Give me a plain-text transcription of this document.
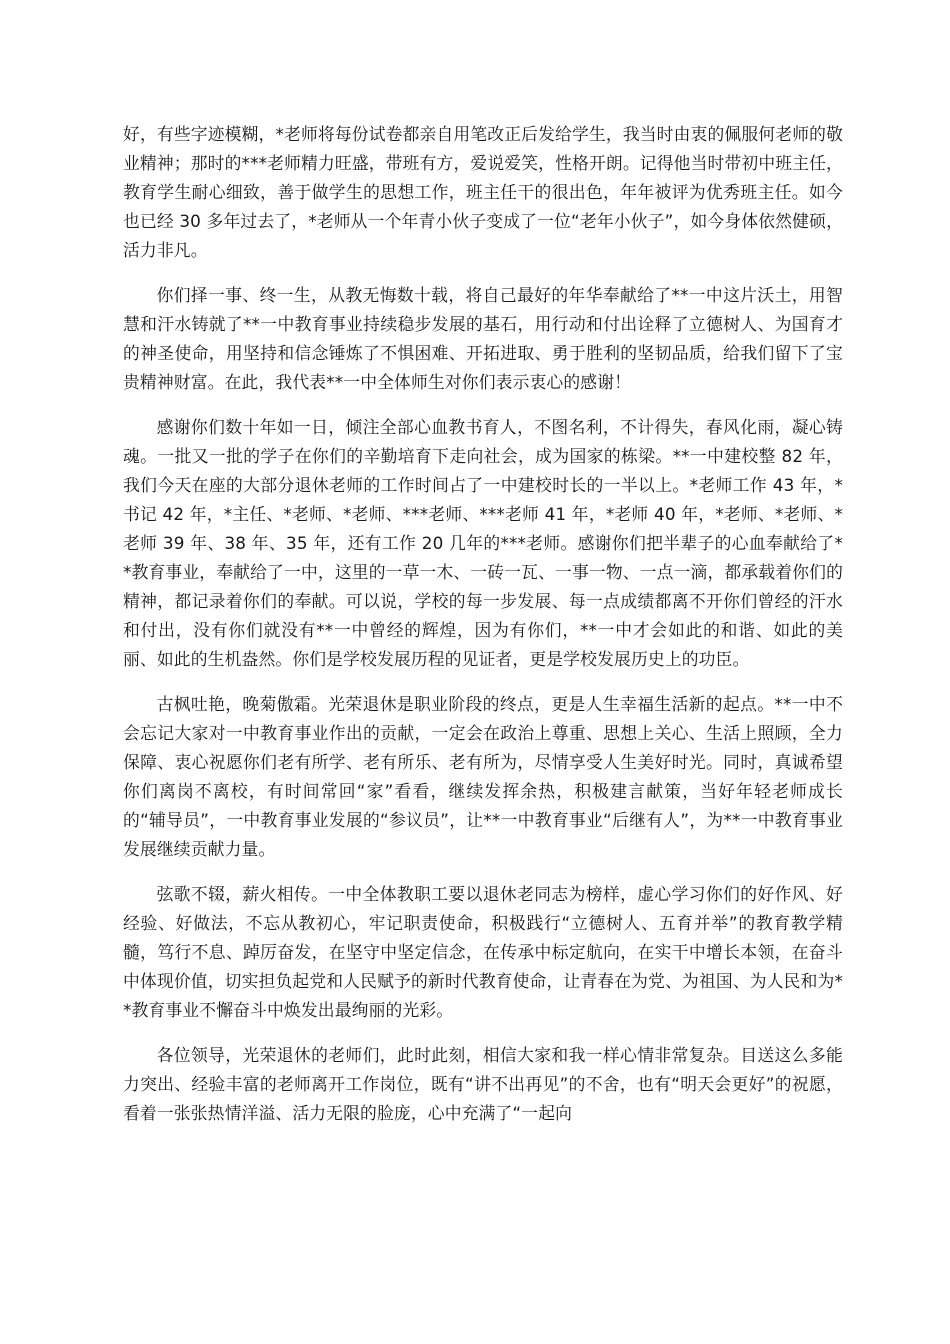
好，有些字迹模糊，*老师将每份试卷都亲自用笔改正后发给学生，我当时由衷的佩服何老师的敬业精神；那时的***老师精力旺盛，带班有方，爱说爱笑，性格开朗。记得他当时带初中班主任，教育学生耐心细致，善于做学生的思想工作，班主任干的很出色，年年被评为优秀班主任。如今也已经 30 多年过去了，*老师从一个年青小伙子变成了一位“老年小伙子”，如今身体依然健硕，活力非凡。

你们择一事、终一生，从教无悔数十载，将自己最好的年华奉献给了**一中这片沃土，用智慧和汗水铸就了**一中教育事业持续稳步发展的基石，用行动和付出诠释了立德树人、为国育才的神圣使命，用坚持和信念锤炼了不惧困难、开拓进取、勇于胜利的坚韧品质，给我们留下了宝贵精神财富。在此，我代表**一中全体师生对你们表示衷心的感谢！

感谢你们数十年如一日，倾注全部心血教书育人，不图名利，不计得失，春风化雨，凝心铸魂。一批又一批的学子在你们的辛勤培育下走向社会，成为国家的栋梁。**一中建校整 82 年，我们今天在座的大部分退休老师的工作时间占了一中建校时长的一半以上。*老师工作 43 年，*书记 42 年，*主任、*老师、*老师、***老师、***老师 41 年，*老师 40 年，*老师、*老师、*老师 39 年、38 年、35 年，还有工作 20 几年的***老师。感谢你们把半辈子的心血奉献给了**教育事业，奉献给了一中，这里的一草一木、一砖一瓦、一事一物、一点一滴，都承载着你们的精神，都记录着你们的奉献。可以说，学校的每一步发展、每一点成绩都离不开你们曾经的汗水和付出，没有你们就没有**一中曾经的辉煌，因为有你们，**一中才会如此的和谐、如此的美丽、如此的生机盎然。你们是学校发展历程的见证者，更是学校发展历史上的功臣。

古枫吐艳，晚菊傲霜。光荣退休是职业阶段的终点，更是人生幸福生活新的起点。**一中不会忘记大家对一中教育事业作出的贡献，一定会在政治上尊重、思想上关心、生活上照顾，全力保障、衷心祝愿你们老有所学、老有所乐、老有所为，尽情享受人生美好时光。同时，真诚希望你们离岗不离校，有时间常回“家”看看，继续发挥余热，积极建言献策，当好年轻老师成长的“辅导员”，一中教育事业发展的“参议员”，让**一中教育事业“后继有人”，为**一中教育事业发展继续贡献力量。

弦歌不辍，薪火相传。一中全体教职工要以退休老同志为榜样，虚心学习你们的好作风、好经验、好做法，不忘从教初心，牢记职责使命，积极践行“立德树人、五育并举”的教育教学精髓，笃行不息、踔厉奋发，在坚守中坚定信念，在传承中标定航向，在实干中增长本领，在奋斗中体现价值，切实担负起党和人民赋予的新时代教育使命，让青春在为党、为祖国、为人民和为**教育事业不懈奋斗中焕发出最绚丽的光彩。

各位领导，光荣退休的老师们，此时此刻，相信大家和我一样心情非常复杂。目送这么多能力突出、经验丰富的老师离开工作岗位，既有“讲不出再见”的不舍，也有“明天会更好”的祝愿，看着一张张热情洋溢、活力无限的脸庞，心中充满了“一起向
